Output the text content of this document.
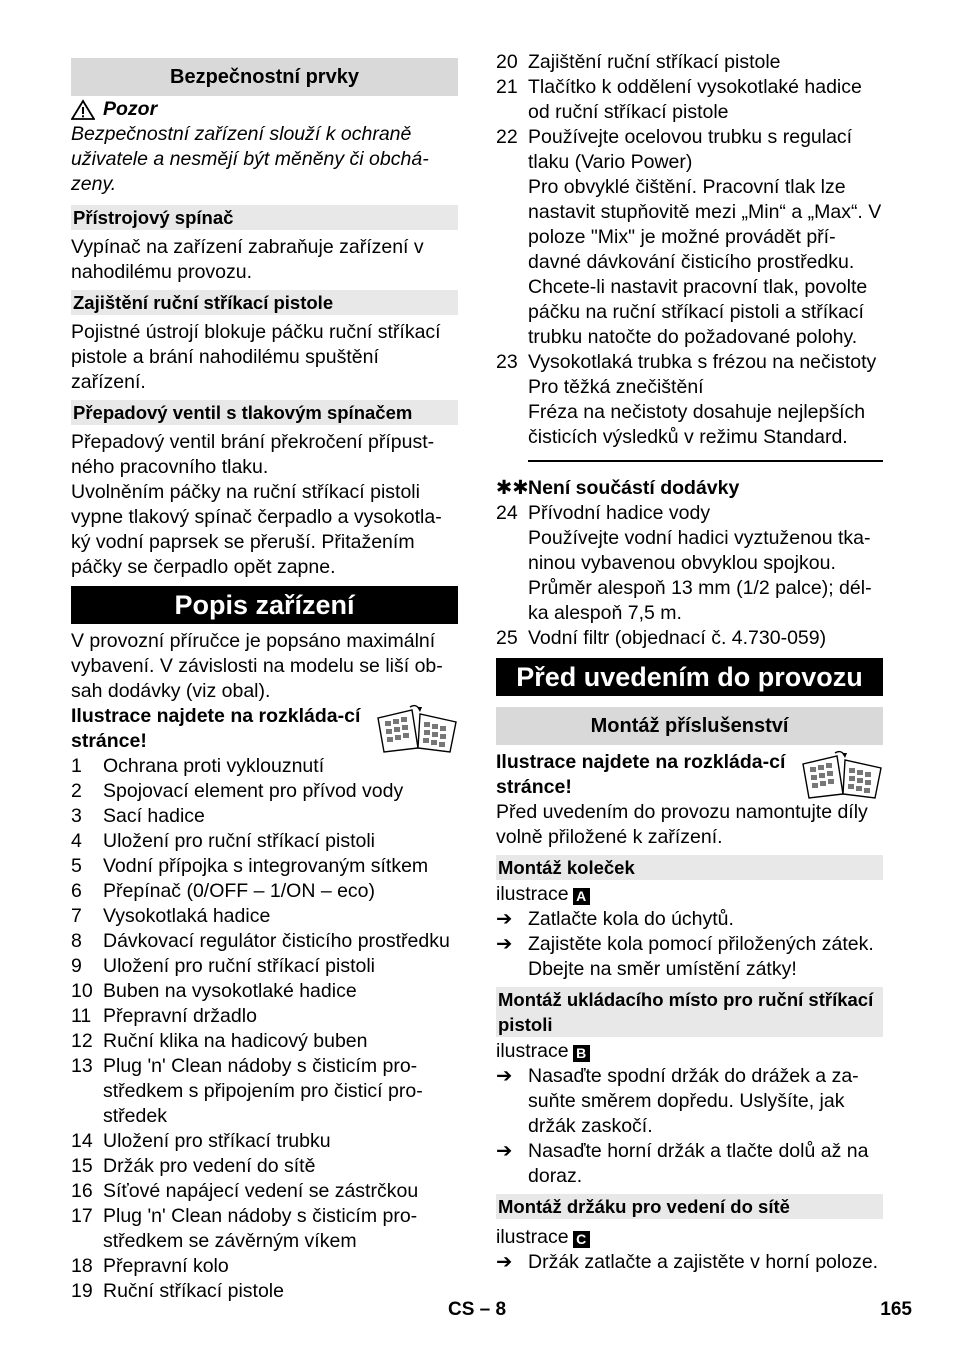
Bezpečnostní prvky
Pozor

Bezpečnostní zařízení slouží k ochraně uživatele a nesmějí být měněny či obchá-zeny.

Přístrojový spínač

Vypínač na zařízení zabraňuje zařízení v nahodilému provozu.

Zajištění ruční stříkací pistole

Pojistné ústrojí blokuje páčku ruční stříkací pistole a brání nahodilému spuštění zařízení.

Přepadový ventil s tlakovým spínačem

Přepadový ventil brání překročení přípust-ného pracovního tlaku.

Uvolněním páčky na ruční stříkací pistoli vypne tlakový spínač čerpadlo a vysokotla-ký vodní paprsek se přeruší. Přitažením páčky se čerpadlo opět zapne.

Popis zařízení

V provozní příručce je popsáno maximální vybavení. V závislosti na modelu se liší ob-sah dodávky (viz obal).

Ilustrace najdete na rozkláda-cí stránce!

1	Ochrana proti vyklouznutí
2	Spojovací element pro přívod vody
3	Sací hadice
4	Uložení pro ruční stříkací pistoli
5	Vodní přípojka s integrovaným sítkem
6	Přepínač (0/OFF – 1/ON – eco)
7	Vysokotlaká hadice
8	Dávkovací regulátor čisticího prostředku
9	Uložení pro ruční stříkací pistoli
10 Buben na vysokotlaké hadice
11 Přepravní držadlo
12 Ruční klika na hadicový buben
13 Plug 'n' Clean nádoby s čisticím pro-středkem s připojením pro čisticí pro-středek
14 Uložení pro stříkací trubku
15 Držák pro vedení do sítě
16 Síťové napájecí vedení se zástrčkou
17 Plug 'n' Clean nádoby s čisticím pro-středkem se závěrným víkem
18 Přepravní kolo
19 Ruční stříkací pistole
20 Zajištění ruční stříkací pistole
21 Tlačítko k oddělení vysokotlaké hadice od ruční stříkací pistole
22 Používejte ocelovou trubku s regulací tlaku (Vario Power)
Pro obvyklé čištění. Pracovní tlak lze nastavit stupňovitě mezi „Min“ a „Max“. V poloze "Mix" je možné provádět pří-davné dávkování čisticího prostředku. Chcete-li nastavit pracovní tlak, povolte páčku na ruční stříkací pistoli a stříkací trubku natočte do požadované polohy.
23 Vysokotlaká trubka s frézou na nečistoty
Pro těžká znečištění
Fréza na nečistoty dosahuje nejlepších čisticích výsledků v režimu Standard.
✱✱ Není součástí dodávky
24 Přívodní hadice vody
Používejte vodní hadici vyztuženou tka-ninou vybavenou obvyklou spojkou. Průměr alespoň 13 mm (1/2 palce); dél-ka alespoň 7,5 m.
25 Vodní filtr (objednací č. 4.730-059)
Před uvedením do provozu
Montáž příslušenství

Ilustrace najdete na rozkláda-cí stránce!

Před uvedením do provozu namontujte díly volně přiložené k zařízení.

Montáž koleček

ilustrace A

➔ Zatlačte kola do úchytů.
➔ Zajistěte kola pomocí přiložených zátek. Dbejte na směr umístění zátky!
Montáž ukládacího místo pro ruční stříkací pistoli

ilustrace B

➔ Nasaďte spodní držák do drážek a za-suňte směrem dopředu. Uslyšíte, jak držák zaskočí.
➔ Nasaďte horní držák a tlačte dolů až na doraz.
Montáž držáku pro vedení do sítě

ilustrace C

➔ Držák zatlačte a zajistěte v horní poloze.
CS – 8	165
